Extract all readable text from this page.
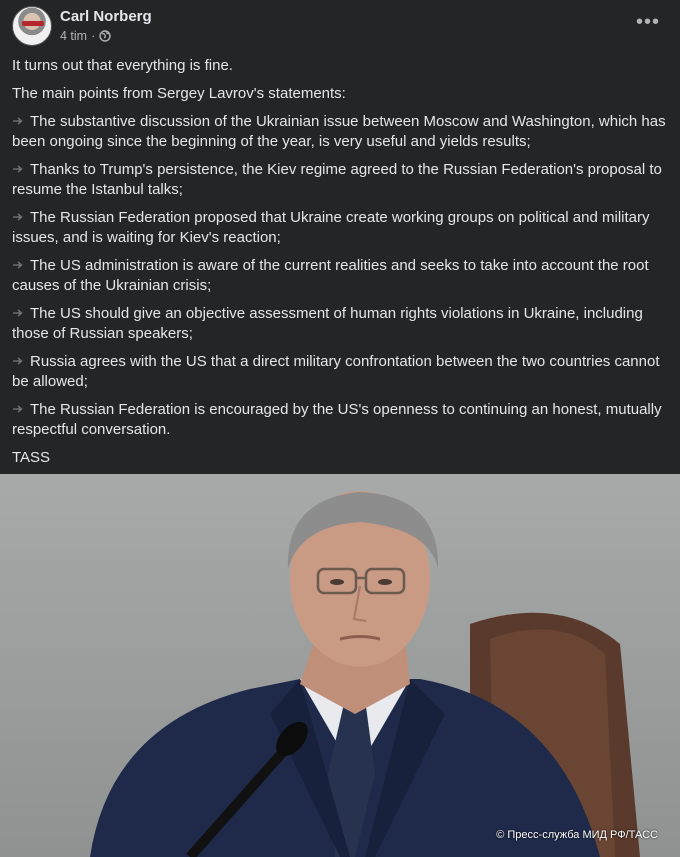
Carl Norberg
4 tim ·
•••

It turns out that everything is fine.

The main points from Sergey Lavrov's statements:

The substantive discussion of the Ukrainian issue between Moscow and Washington, which has been ongoing since the beginning of the year, is very useful and yields results;

Thanks to Trump's persistence, the Kiev regime agreed to the Russian Federation's proposal to resume the Istanbul talks;

The Russian Federation proposed that Ukraine create working groups on political and military issues, and is waiting for Kiev's reaction;

The US administration is aware of the current realities and seeks to take into account the root causes of the Ukrainian crisis;

The US should give an objective assessment of human rights violations in Ukraine, including those of Russian speakers;

Russia agrees with the US that a direct military confrontation between the two countries cannot be allowed;

The Russian Federation is encouraged by the US's openness to continuing an honest, mutually respectful conversation.

TASS

© Пресс-служба МИД РФ/ТАСС
